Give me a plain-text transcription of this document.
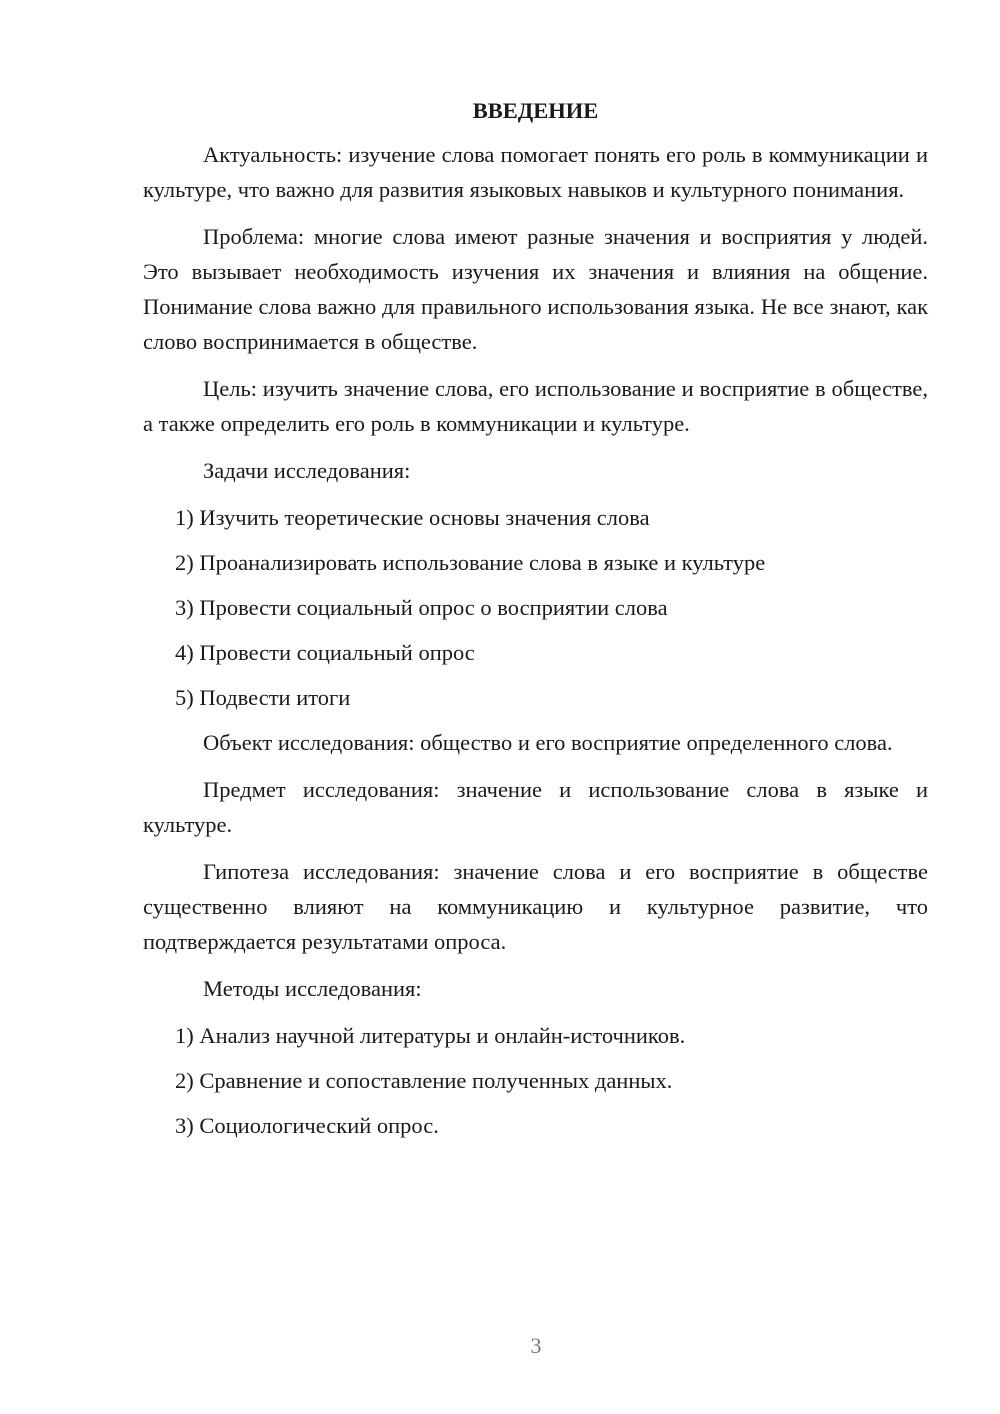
ВВЕДЕНИЕ

Актуальность: изучение слова помогает понять его роль в коммуникации и культуре, что важно для развития языковых навыков и культурного понимания.

Проблема: многие слова имеют разные значения и восприятия у людей. Это вызывает необходимость изучения их значения и влияния на общение. Понимание слова важно для правильного использования языка. Не все знают, как слово воспринимается в обществе.

Цель: изучить значение слова, его использование и восприятие в обществе, а также определить его роль в коммуникации и культуре.

Задачи исследования:

1) Изучить теоретические основы значения слова
2) Проанализировать использование слова в языке и культуре
3) Провести социальный опрос о восприятии слова
4) Провести социальный опрос
5) Подвести итоги

Объект исследования: общество и его восприятие определенного слова.

Предмет исследования: значение и использование слова в языке и культуре.

Гипотеза исследования: значение слова и его восприятие в обществе существенно влияют на коммуникацию и культурное развитие, что подтверждается результатами опроса.

Методы исследования:

1) Анализ научной литературы и онлайн-источников.
2) Сравнение и сопоставление полученных данных.
3) Социологический опрос.
3
